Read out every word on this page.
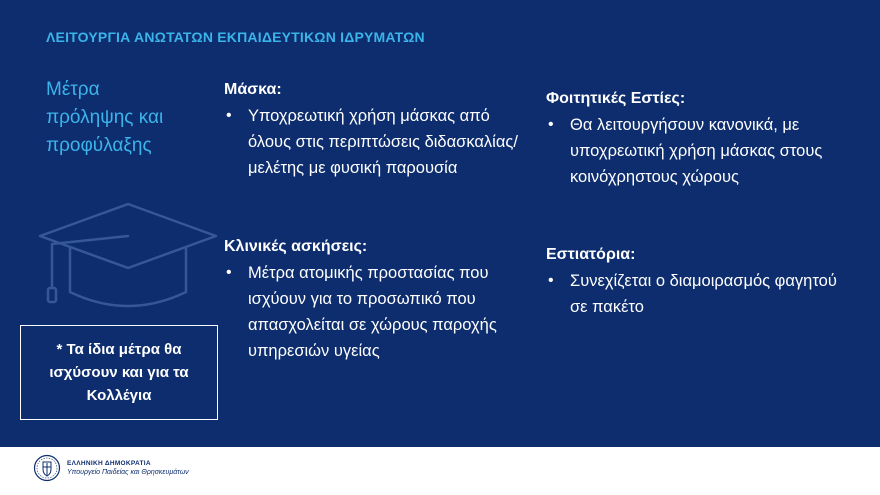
ΛΕΙΤΟΥΡΓΙΑ ΑΝΩΤΑΤΩΝ ΕΚΠΑΙΔΕΥΤΙΚΩΝ ΙΔΡΥΜΑΤΩΝ
Μέτρα
πρόληψης και
προφύλαξης
* Τα ίδια μέτρα θα
ισχύσουν και για τα
Κολλέγια
Μάσκα:
• Υποχρεωτική χρήση μάσκας από όλους στις περιπτώσεις διδασκαλίας/μελέτης με φυσική παρουσία
Κλινικές ασκήσεις:
• Μέτρα ατομικής προστασίας που ισχύουν για το προσωπικό που απασχολείται σε χώρους παροχής υπηρεσιών υγείας
Φοιτητικές Εστίες:
• Θα λειτουργήσουν κανονικά, με υποχρεωτική χρήση μάσκας στους κοινόχρηστους χώρους
Εστιατόρια:
• Συνεχίζεται ο διαμοιρασμός φαγητού σε πακέτο
ΕΛΛΗΝΙΚΗ ΔΗΜΟΚΡΑΤΙΑ
Υπουργείο Παιδείας και Θρησκευμάτων
